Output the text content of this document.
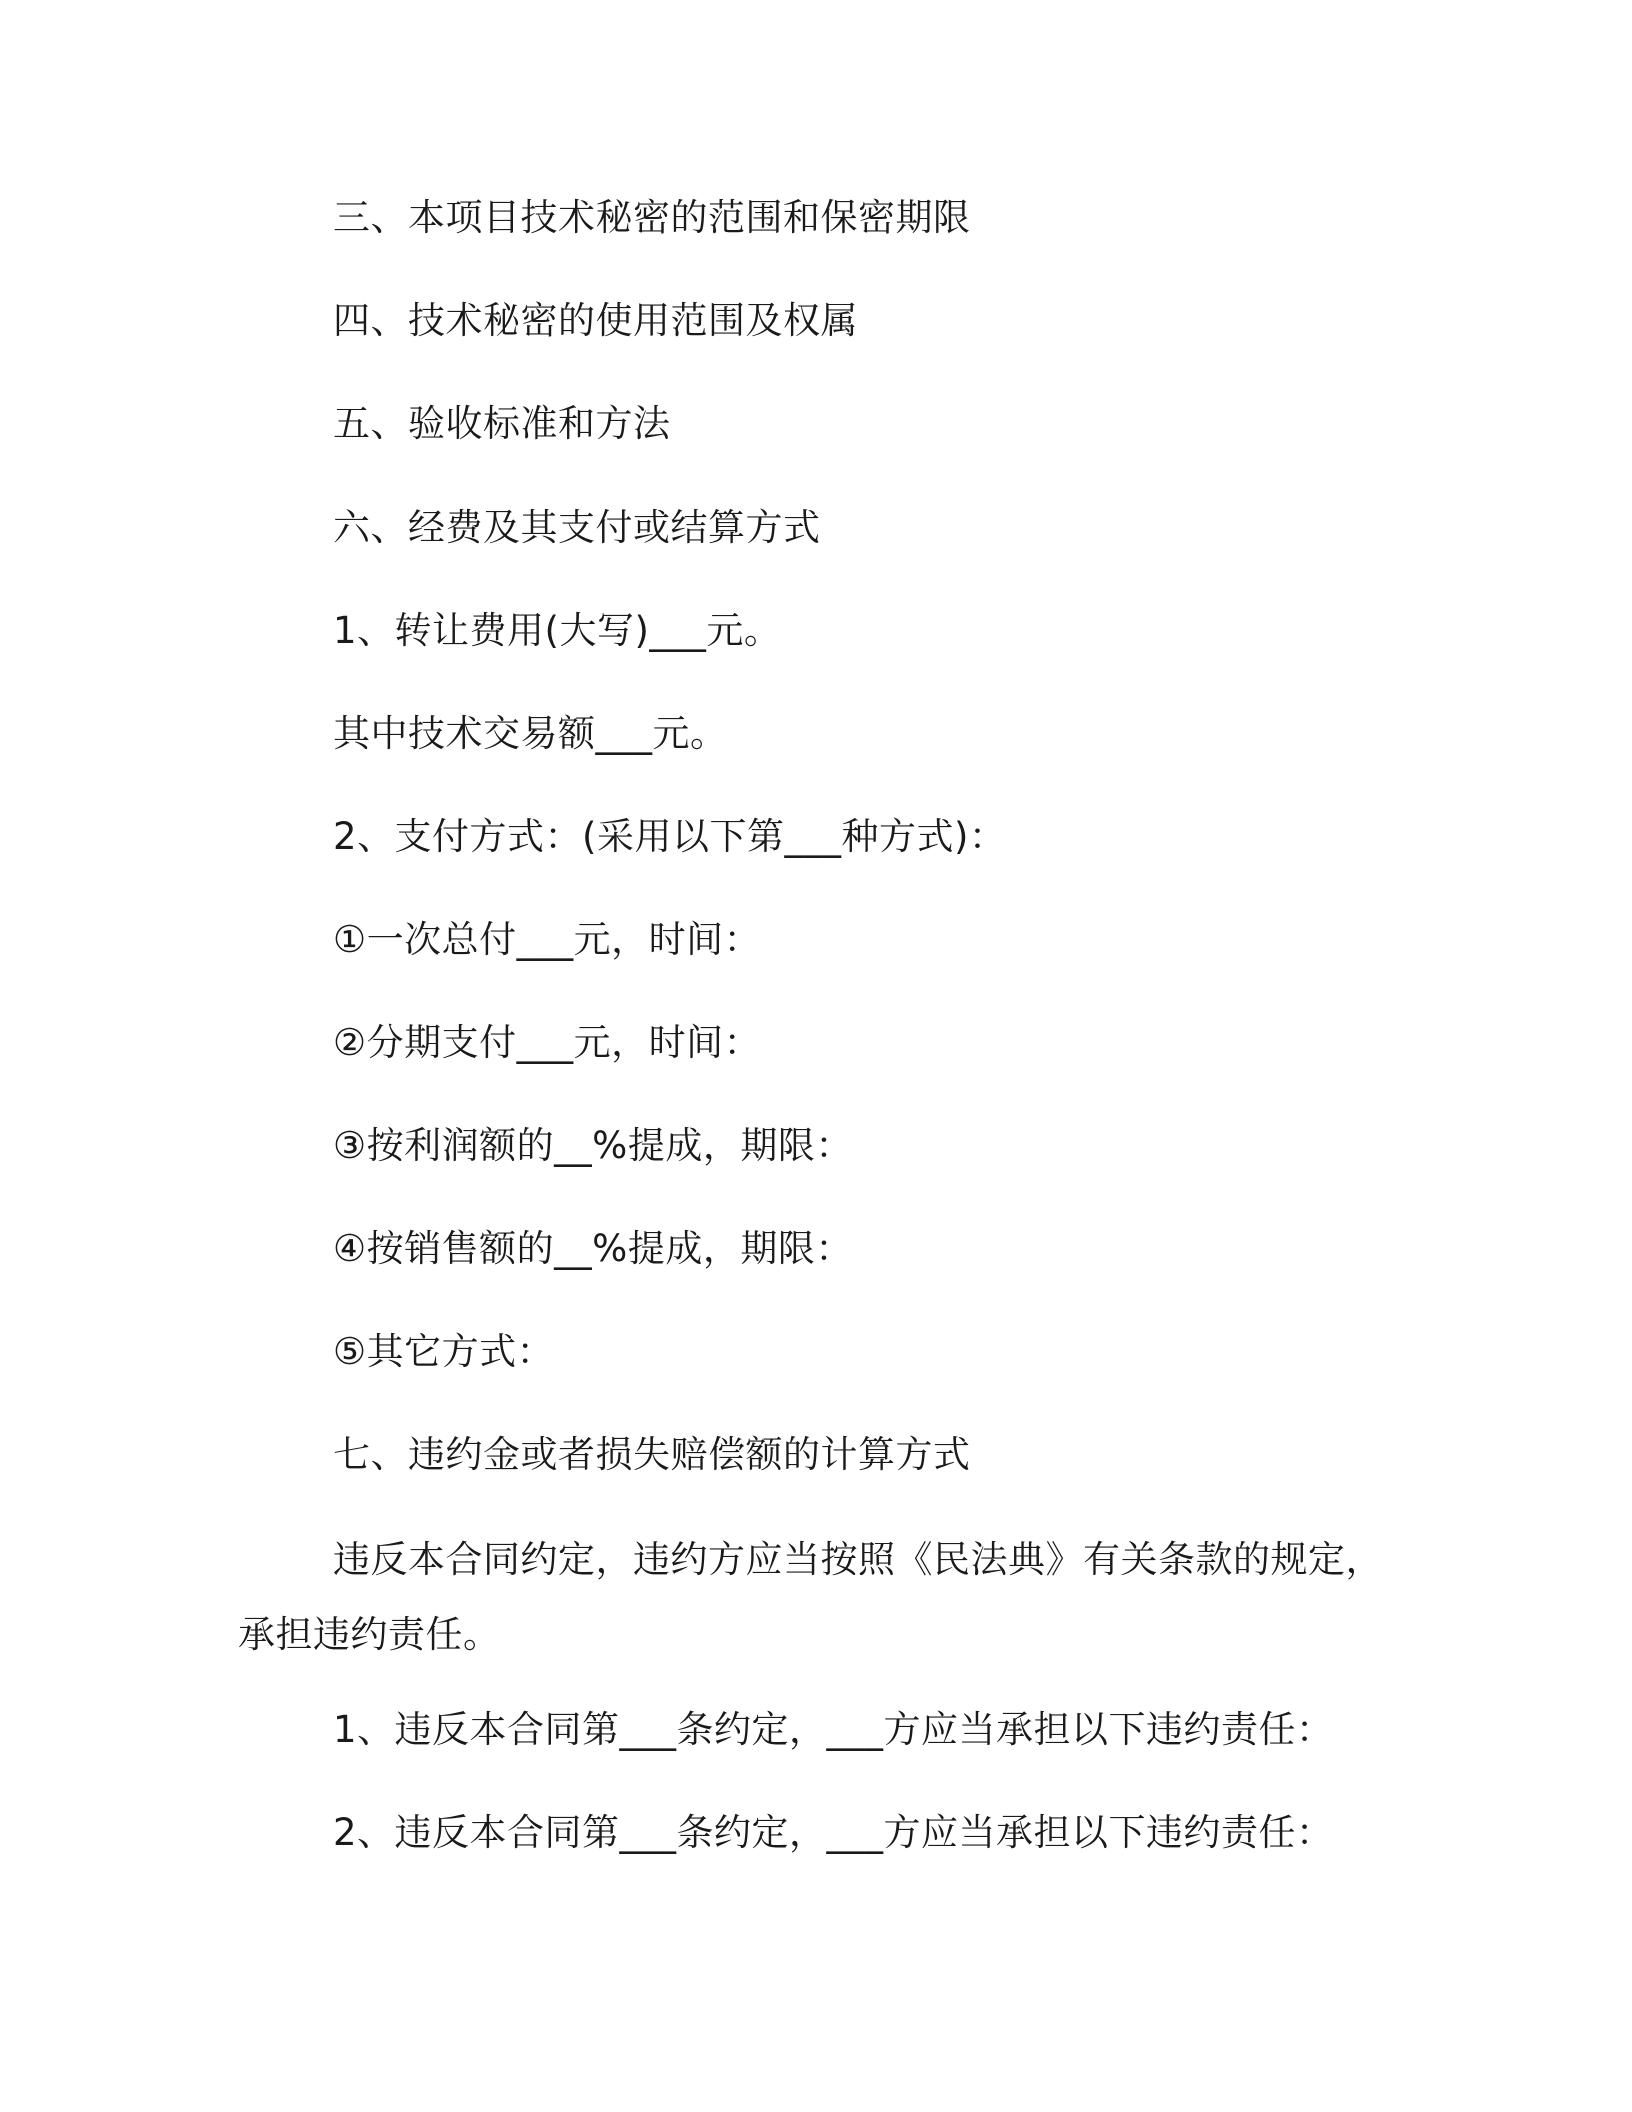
三、本项目技术秘密的范围和保密期限
四、技术秘密的使用范围及权属
五、验收标准和方法
六、经费及其支付或结算方式
1、转让费用(大写)___元。
其中技术交易额___元。
2、支付方式：(采用以下第___种方式)：
①一次总付___元，时间：
②分期支付___元，时间：
③按利润额的__%提成，期限：
④按销售额的__%提成，期限：
⑤其它方式：
七、违约金或者损失赔偿额的计算方式
违反本合同约定，违约方应当按照《民法典》有关条款的规定，承担违约责任。
1、违反本合同第___条约定，___方应当承担以下违约责任：
2、违反本合同第___条约定，___方应当承担以下违约责任：
